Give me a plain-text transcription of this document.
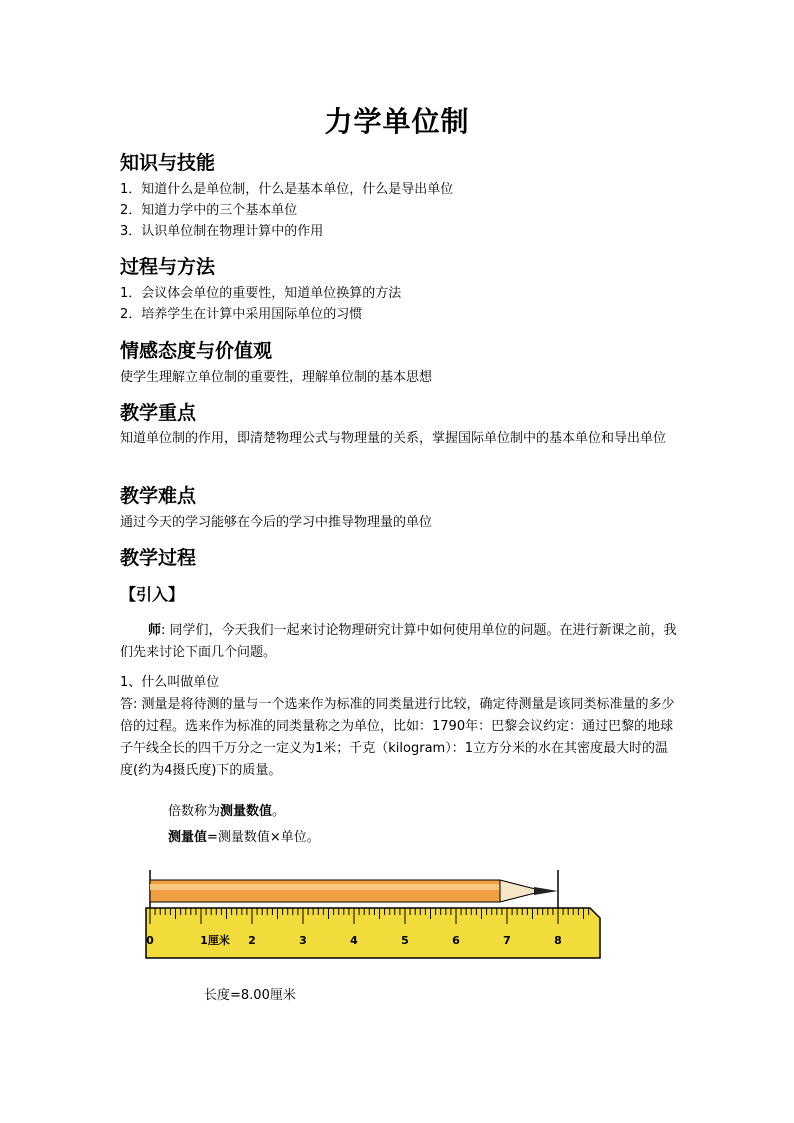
力学单位制
知识与技能
1．知道什么是单位制，什么是基本单位，什么是导出单位
2．知道力学中的三个基本单位
3．认识单位制在物理计算中的作用
过程与方法
1．会议体会单位的重要性，知道单位换算的方法
2．培养学生在计算中采用国际单位的习惯
情感态度与价值观
使学生理解立单位制的重要性，理解单位制的基本思想
教学重点
知道单位制的作用，即清楚物理公式与物理量的关系，掌握国际单位制中的基本单位和导出单位
教学难点
通过今天的学习能够在今后的学习中推导物理量的单位
教学过程
【引入】
师: 同学们，今天我们一起来讨论物理研究计算中如何使用单位的问题。在进行新课之前，我们先来讨论下面几个问题。
1、什么叫做单位
答: 测量是将待测的量与一个选来作为标准的同类量进行比较，确定待测量是该同类标准量的多少倍的过程。选来作为标准的同类量称之为单位，比如：1790年：巴黎会议约定：通过巴黎的地球子午线全长的四千万分之一定义为1米；千克（kilogram）：1立方分米的水在其密度最大时的温度(约为4摄氏度)下的质量。
倍数称为测量数值。
测量值=测量数值×单位。
0	1厘米 2	3	4	5	6	7	8
长度=8.00厘米
